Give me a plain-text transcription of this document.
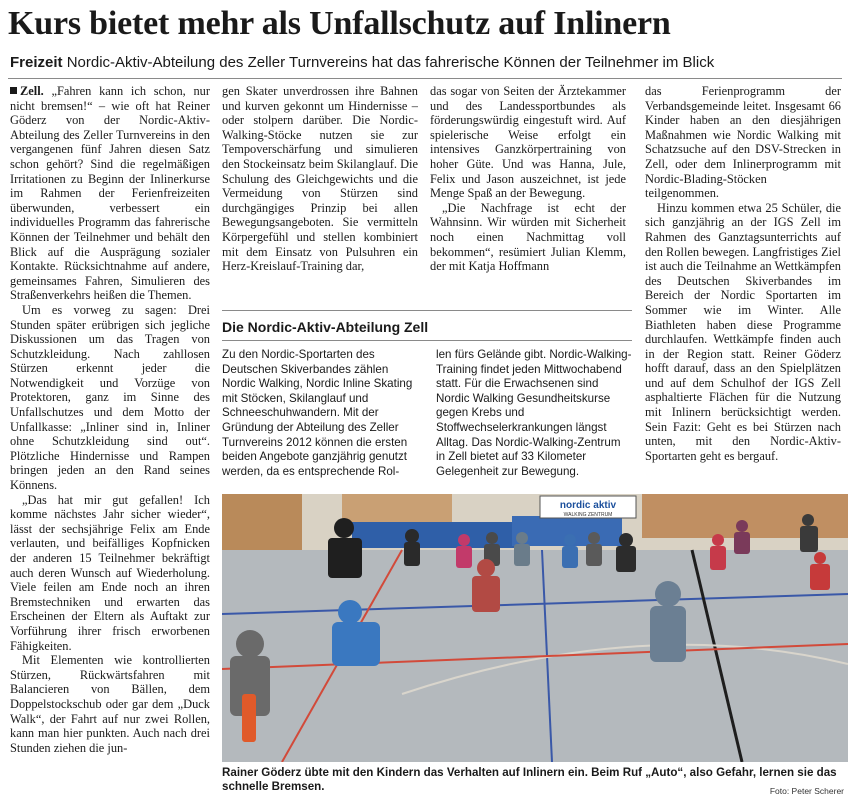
Kurs bietet mehr als Unfallschutz auf Inlinern
Freizeit Nordic-Aktiv-Abteilung des Zeller Turnvereins hat das fahrerische Können der Teilnehmer im Blick

Zell. „Fahren kann ich schon, nur nicht bremsen!“ – wie oft hat Reiner Göderz von der Nordic-Aktiv-Abteilung des Zeller Turnvereins in den vergangenen fünf Jahren diesen Satz schon gehört? Sind die regelmäßigen Irritationen zu Beginn der Inlinerkurse im Rahmen der Ferienfreizeiten überwunden, verbessert ein individuelles Programm das fahrerische Können der Teilnehmer und behält den Blick auf die Ausprägung sozialer Kontakte. Rücksichtnahme auf andere, gemeinsames Fahren, Simulieren des Straßenverkehrs heißen die Themen.

Um es vorweg zu sagen: Drei Stunden später erübrigen sich jegliche Diskussionen um das Tragen von Schutzkleidung. Nach zahllosen Stürzen erkennt jeder die Notwendigkeit und Vorzüge von Protektoren, ganz im Sinne des Unfallschutzes und dem Motto der Unfallkasse: „Inliner sind in, Inliner ohne Schutzkleidung sind out“. Plötzliche Hindernisse und Rampen bringen jeden an den Rand seines Könnens.

„Das hat mir gut gefallen! Ich komme nächstes Jahr sicher wieder“, lässt der sechsjährige Felix am Ende verlauten, und beifälliges Kopfnicken der anderen 15 Teilnehmer bekräftigt auch deren Wunsch auf Wiederholung. Viele feilen am Ende noch an ihren Bremstechniken und erwarten das Erscheinen der Eltern als Auftakt zur Vorführung ihrer frisch erworbenen Fähigkeiten.

Mit Elementen wie kontrollierten Stürzen, Rückwärtsfahren mit Balancieren von Bällen, dem Doppelstockschub oder gar dem „Duck Walk“, der Fahrt auf nur zwei Rollen, kann man hier punkten. Auch nach drei Stunden ziehen die jun-

gen Skater unverdrossen ihre Bahnen und kurven gekonnt um Hindernisse – oder stolpern darüber. Die Nordic-Walking-Stöcke nutzen sie zur Tempoverschärfung und simulieren den Stockeinsatz beim Skilanglauf. Die Schulung des Gleichgewichts und die Vermeidung von Stürzen sind durchgängiges Prinzip bei allen Bewegungsangeboten. Sie vermitteln Körpergefühl und stellen kombiniert mit dem Einsatz von Pulsuhren ein Herz-Kreislauf-Training dar,

das sogar von Seiten der Ärztekammer und des Landessportbundes als förderungswürdig eingestuft wird. Auf spielerische Weise erfolgt ein intensives Ganzkörpertraining von hoher Güte. Und was Hanna, Jule, Felix und Jason auszeichnet, ist jede Menge Spaß an der Bewegung.

„Die Nachfrage ist echt der Wahnsinn. Wir würden mit Sicherheit noch einen Nachmittag voll bekommen“, resümiert Julian Klemm, der mit Katja Hoffmann

das Ferienprogramm der Verbandsgemeinde leitet. Insgesamt 66 Kinder haben an den diesjährigen Maßnahmen wie Nordic Walking mit Schatzsuche auf den DSV-Strecken in Zell, oder dem Inlinerprogramm mit Nordic-Blading-Stöcken teilgenommen.

Hinzu kommen etwa 25 Schüler, die sich ganzjährig an der IGS Zell im Rahmen des Ganztagsunterrichts auf den Rollen bewegen. Langfristiges Ziel ist auch die Teilnahme an Wettkämpfen des Deutschen Skiverbandes im Bereich der Nordic Sportarten im Sommer wie im Winter. Alle Biathleten haben diese Programme durchlaufen. Wettkämpfe finden auch in der Region statt. Reiner Göderz hofft darauf, dass an den Spielplätzen und auf dem Schulhof der IGS Zell asphaltierte Flächen für die Nutzung mit Inlinern berücksichtigt werden. Sein Fazit: Geht es bei Stürzen nach unten, mit den Nordic-Aktiv-Sportarten geht es bergauf.

Die Nordic-Aktiv-Abteilung Zell

Zu den Nordic-Sportarten des Deutschen Skiverbandes zählen Nordic Walking, Nordic Inline Skating mit Stöcken, Skilanglauf und Schneeschuhwandern. Mit der Gründung der Abteilung des Zeller Turnvereins 2012 können die ersten beiden Angebote ganzjährig genutzt werden, da es entsprechende Rol-

len fürs Gelände gibt. Nordic-Walking-Training findet jeden Mittwochabend statt. Für die Erwachsenen sind Nordic Walking Gesundheitskurse gegen Krebs und Stoffwechselerkrankungen längst Alltag. Das Nordic-Walking-Zentrum in Zell bietet auf 33 Kilometer Gelegenheit zur Bewegung.

nordic aktiv
WALKING ZENTRUM
Rainer Göderz übte mit den Kindern das Verhalten auf Inlinern ein. Beim Ruf „Auto“, also Gefahr, lernen sie das schnelle Bremsen.	Foto: Peter Scherer
